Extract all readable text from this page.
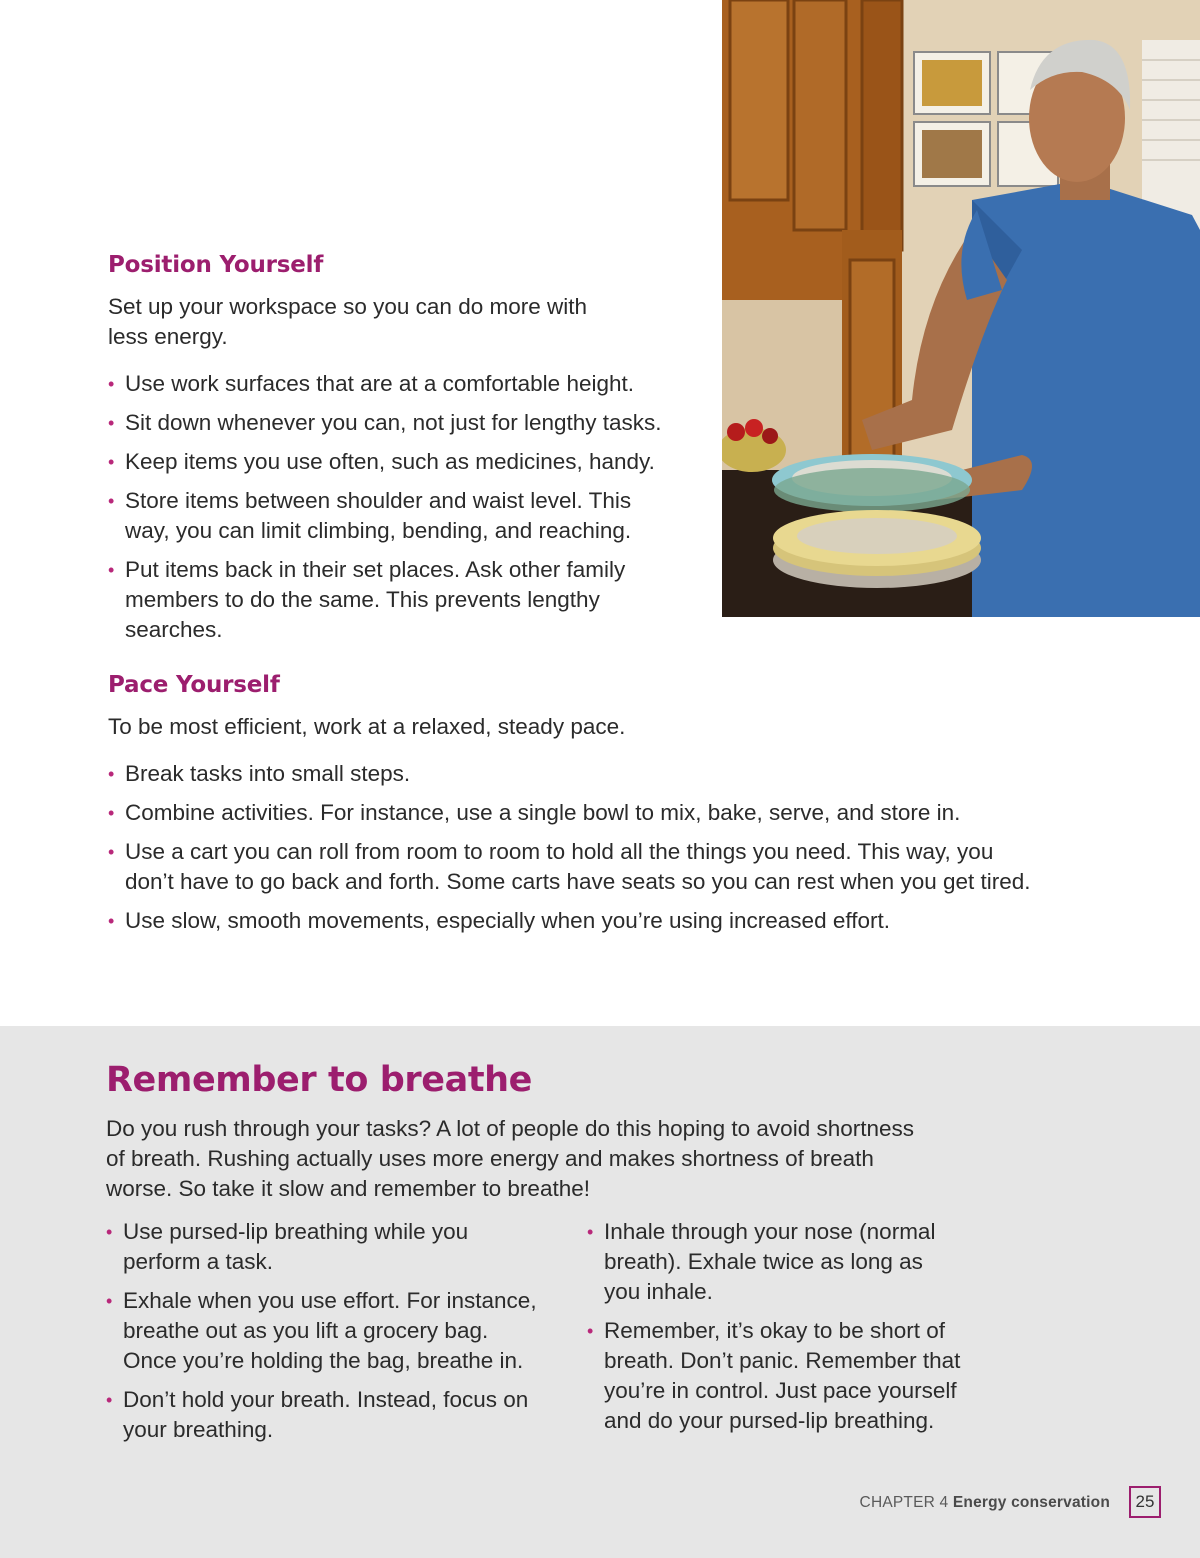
Position Yourself

Set up your workspace so you can do more with
less energy.

• Use work surfaces that are at a comfortable height.
• Sit down whenever you can, not just for lengthy tasks.
• Keep items you use often, such as medicines, handy.
• Store items between shoulder and waist level. This
way, you can limit climbing, bending, and reaching.
• Put items back in their set places. Ask other family
members to do the same. This prevents lengthy
searches.
Pace Yourself

To be most efficient, work at a relaxed, steady pace.

• Break tasks into small steps.
• Combine activities. For instance, use a single bowl to mix, bake, serve, and store in.
• Use a cart you can roll from room to room to hold all the things you need. This way, you
don’t have to go back and forth. Some carts have seats so you can rest when you get tired.
• Use slow, smooth movements, especially when you’re using increased effort.
Remember to breathe

Do you rush through your tasks? A lot of people do this hoping to avoid shortness
of breath. Rushing actually uses more energy and makes shortness of breath
worse. So take it slow and remember to breathe!

• Use pursed-lip breathing while you
perform a task.
• Exhale when you use effort. For instance,
breathe out as you lift a grocery bag.
Once you’re holding the bag, breathe in.
• Don’t hold your breath. Instead, focus on
your breathing.
• Inhale through your nose (normal
breath). Exhale twice as long as
you inhale.
• Remember, it’s okay to be short of
breath. Don’t panic. Remember that
you’re in control. Just pace yourself
and do your pursed-lip breathing.
CHAPTER 4 Energy conservation	25
